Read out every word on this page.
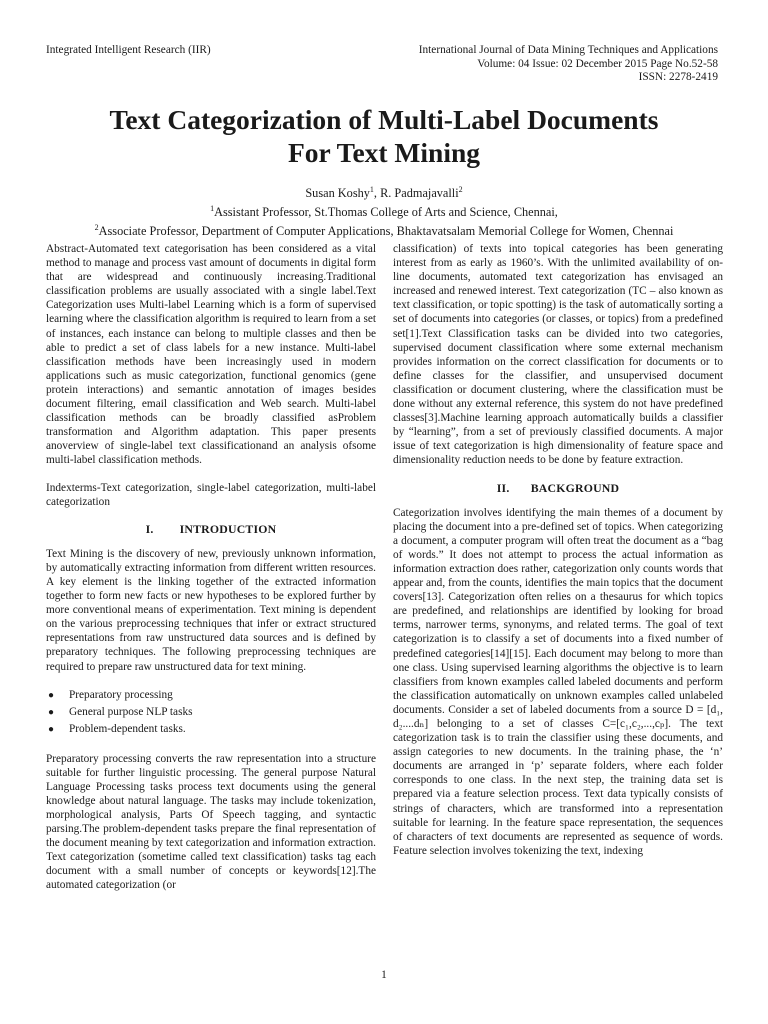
Integrated Intelligent Research (IIR)	International Journal of Data Mining Techniques and Applications
Volume: 04 Issue: 02 December 2015 Page No.52-58
ISSN: 2278-2419
Text Categorization of Multi-Label Documents
For Text Mining
Susan Koshy$^1$, R. Padmajavalli$^2$
$^1$Assistant Professor, St.Thomas College of Arts and Science, Chennai,
$^2$Associate Professor, Department of Computer Applications, Bhaktavatsalam Memorial College for Women, Chennai

Abstract-Automated text categorisation has been considered as a vital method to manage and process vast amount of documents in digital form that are widespread and continuously increasing.Traditional classification problems are usually associated with a single label.Text Categorization uses Multi-label Learning which is a form of supervised learning where the classification algorithm is required to learn from a set of instances, each instance can belong to multiple classes and then be able to predict a set of class labels for a new instance. Multi-label classification methods have been increasingly used in modern applications such as music categorization, functional genomics (gene protein interactions) and semantic annotation of images besides document filtering, email classification and Web search. Multi-label classification methods can be broadly classified asProblem transformation and Algorithm adaptation. This paper presents anoverview of single-label text classificationand an analysis ofsome multi-label classification methods.

Indexterms-Text categorization, single-label categorization, multi-label categorization

I. INTRODUCTION

Text Mining is the discovery of new, previously unknown information, by automatically extracting information from different written resources. A key element is the linking together of the extracted information together to form new facts or new hypotheses to be explored further by more conventional means of experimentation. Text mining is dependent on the various preprocessing techniques that infer or extract structured representations from raw unstructured data sources and is defined by preparatory techniques. The following preprocessing techniques are required to prepare raw unstructured data for text mining.

● Preparatory processing
● General purpose NLP tasks
● Problem-dependent tasks.

Preparatory processing converts the raw representation into a structure suitable for further linguistic processing. The general purpose Natural Language Processing tasks process text documents using the general knowledge about natural language. The tasks may include tokenization, morphological analysis, Parts Of Speech tagging, and syntactic parsing.The problem-dependent tasks prepare the final representation of the document meaning by text categorization and information extraction. Text categorization (sometime called text classification) tasks tag each document with a small number of concepts or keywords[12].The automated categorization (or

classification) of texts into topical categories has been generating interest from as early as 1960’s. With the unlimited availability of on-line documents, automated text categorization has envisaged an increased and renewed interest. Text categorization (TC – also known as text classification, or topic spotting) is the task of automatically sorting a set of documents into categories (or classes, or topics) from a predefined set[1].Text Classification tasks can be divided into two categories, supervised document classification where some external mechanism provides information on the correct classification for documents or to define classes for the classifier, and unsupervised document classification or document clustering, where the classification must be done without any external reference, this system do not have predefined classes[3].Machine learning approach automatically builds a classifier by “learning”, from a set of previously classified documents. A major issue of text categorization is high dimensionality of feature space and dimensionality reduction needs to be done by feature extraction.

II. BACKGROUND

Categorization involves identifying the main themes of a document by placing the document into a pre-defined set of topics. When categorizing a document, a computer program will often treat the document as a “bag of words.” It does not attempt to process the actual information as information extraction does rather, categorization only counts words that appear and, from the counts, identifies the main topics that the document covers[13]. Categorization often relies on a thesaurus for which topics are predefined, and relationships are identified by looking for broad terms, narrower terms, synonyms, and related terms. The goal of text categorization is to classify a set of documents into a fixed number of predefined categories[14][15]. Each document may belong to more than one class. Using supervised learning algorithms the objective is to learn classifiers from known examples called labeled documents and perform the classification automatically on unknown examples called unlabeled documents. Consider a set of labeled documents from a source D = [d₁, d₂....dₙ] belonging to a set of classes C=[c₁,c₂,...,cₚ]. The text categorization task is to train the classifier using these documents, and assign categories to new documents. In the training phase, the ‘n’ documents are arranged in ‘p’ separate folders, where each folder corresponds to one class. In the next step, the training data set is prepared via a feature selection process. Text data typically consists of strings of characters, which are transformed into a representation suitable for learning. In the feature space representation, the sequences of characters of text documents are represented as sequence of words. Feature selection involves tokenizing the text, indexing

1
